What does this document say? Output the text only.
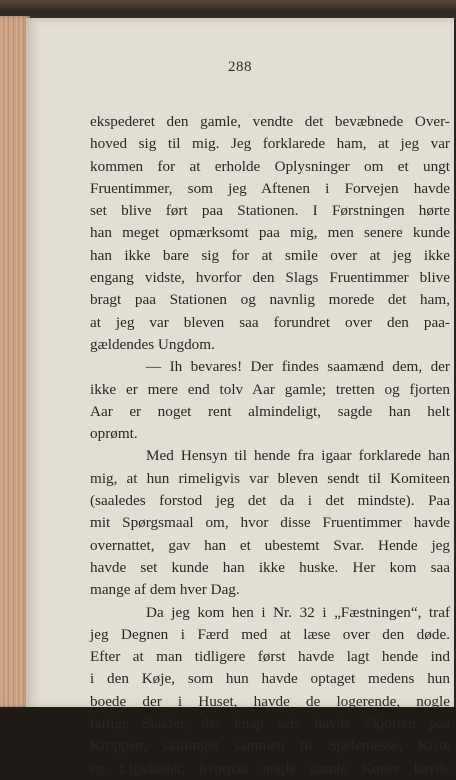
288
ekspederet den gamle, vendte det bevæbnede Over-
hoved sig til mig. Jeg forklarede ham, at jeg var
kommen for at erholde Oplysninger om et ungt
Fruentimmer, som jeg Aftenen i Forvejen havde
set blive ført paa Stationen. I Førstningen hørte
han meget opmærksomt paa mig, men senere kunde
han ikke bare sig for at smile over at jeg ikke
engang vidste, hvorfor den Slags Fruentimmer blive
bragt paa Stationen og navnlig morede det ham,
at jeg var bleven saa forundret over den paa-
gældendes Ungdom.
— Ih bevares! Der findes saamænd dem, der
ikke er mere end tolv Aar gamle; tretten og fjorten
Aar er noget rent almindeligt, sagde han helt
oprømt.
Med Hensyn til hende fra igaar forklarede han
mig, at hun rimeligvis var bleven sendt til Komiteen
(saaledes forstod jeg det da i det mindste). Paa
mit Spørgsmaal om, hvor disse Fruentimmer havde
overnattet, gav han et ubestemt Svar. Hende jeg
havde set kunde han ikke huske. Her kom saa
mange af dem hver Dag.
Da jeg kom hen i Nr. 32 i „Fæstningen“, traf
jeg Degnen i Færd med at læse over den døde.
Efter at man tidligere først havde lagt hende ind
i den Køje, som hun havde optaget medens hun
boede der i Huset, havde de logerende, nogle
fattige Stakler, der knap selv havde Skjorten paa
Kroppen, skillinget sammen til Sjælemesse, Kiste
og Ligklæder, hvorpaa nogle gamle Koner havde
